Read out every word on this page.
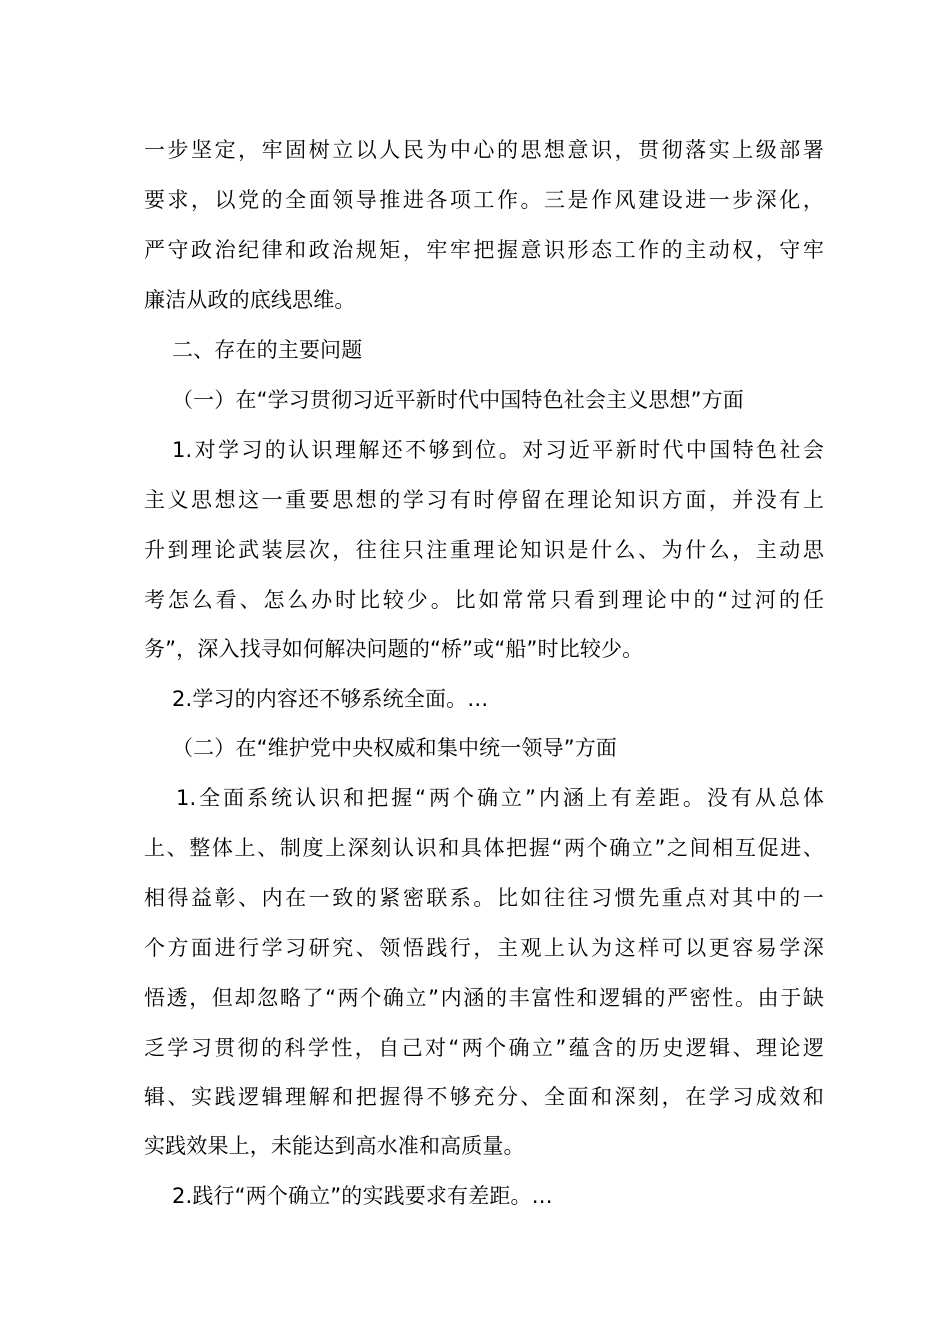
一步坚定，牢固树立以人民为中心的思想意识，贯彻落实上级部署
要求，以党的全面领导推进各项工作。三是作风建设进一步深化，
严守政治纪律和政治规矩，牢牢把握意识形态工作的主动权，守牢
廉洁从政的底线思维。
二、存在的主要问题
（一）在“学习贯彻习近平新时代中国特色社会主义思想”方面
1.对学习的认识理解还不够到位。对习近平新时代中国特色社会
主义思想这一重要思想的学习有时停留在理论知识方面，并没有上
升到理论武装层次，往往只注重理论知识是什么、为什么，主动思
考怎么看、怎么办时比较少。比如常常只看到理论中的“过河的任
务”，深入找寻如何解决问题的“桥”或“船”时比较少。
2.学习的内容还不够系统全面。…
（二）在“维护党中央权威和集中统一领导”方面
1.全面系统认识和把握“两个确立”内涵上有差距。没有从总体
上、整体上、制度上深刻认识和具体把握“两个确立”之间相互促进、
相得益彰、内在一致的紧密联系。比如往往习惯先重点对其中的一
个方面进行学习研究、领悟践行，主观上认为这样可以更容易学深
悟透，但却忽略了“两个确立”内涵的丰富性和逻辑的严密性。由于缺
乏学习贯彻的科学性，自己对“两个确立”蕴含的历史逻辑、理论逻
辑、实践逻辑理解和把握得不够充分、全面和深刻，在学习成效和
实践效果上，未能达到高水准和高质量。
2.践行“两个确立”的实践要求有差距。…
